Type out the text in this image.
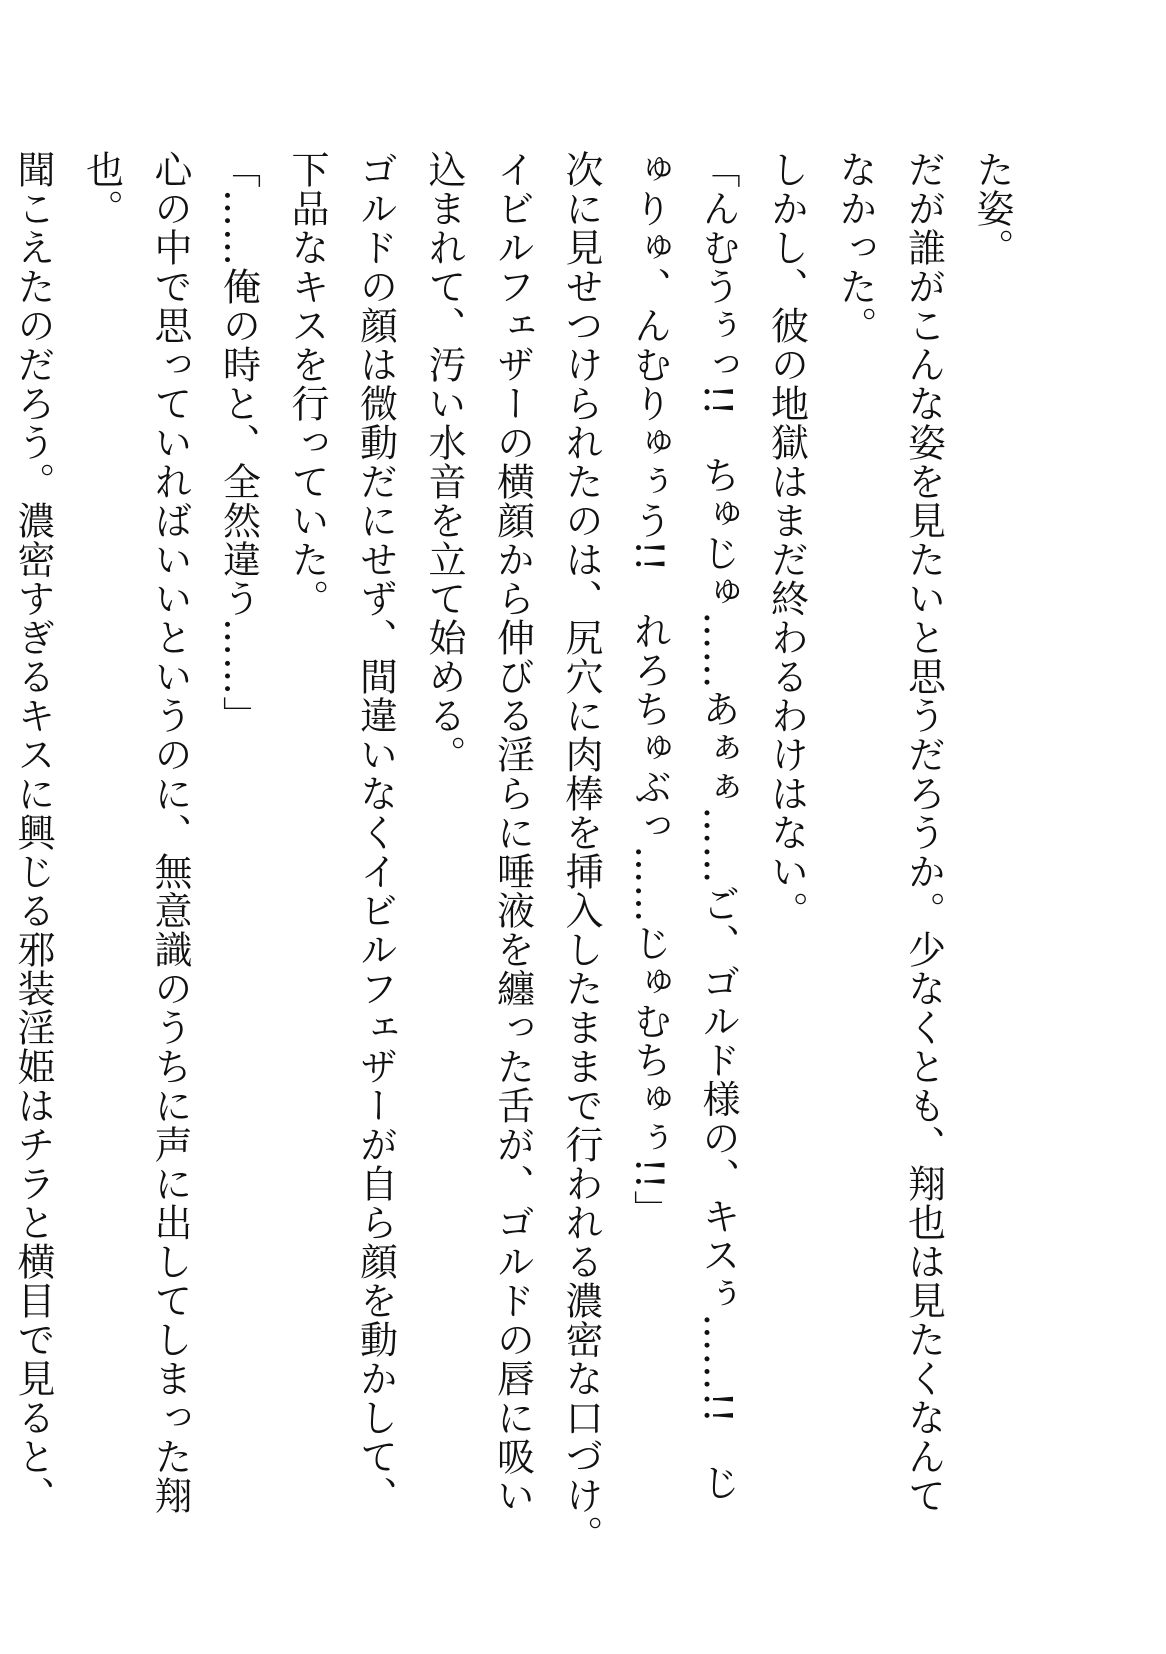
た姿。
だが誰がこんな姿を見たいと思うだろうか。少なくとも、翔也は見たくなんて
なかった。
しかし、彼の地獄はまだ終わるわけはない。
「んむうぅっ!!　ちゅじゅ……あぁぁ……ご、ゴルド様の、キスぅ……!!　じ
ゅりゅ、んむりゅぅう!!　れろちゅぶっ……じゅむちゅぅ!!」
次に見せつけられたのは、尻穴に肉棒を挿入したままで行われる濃密な口づけ。
イビルフェザーの横顔から伸びる淫らに唾液を纏った舌が、ゴルドの唇に吸い
込まれて、汚い水音を立て始める。
ゴルドの顔は微動だにせず、間違いなくイビルフェザーが自ら顔を動かして、
下品なキスを行っていた。
「……俺の時と、全然違う……」
心の中で思っていればいいというのに、無意識のうちに声に出してしまった翔
也。
聞こえたのだろう。濃密すぎるキスに興じる邪装淫姫はチラと横目で見ると、
